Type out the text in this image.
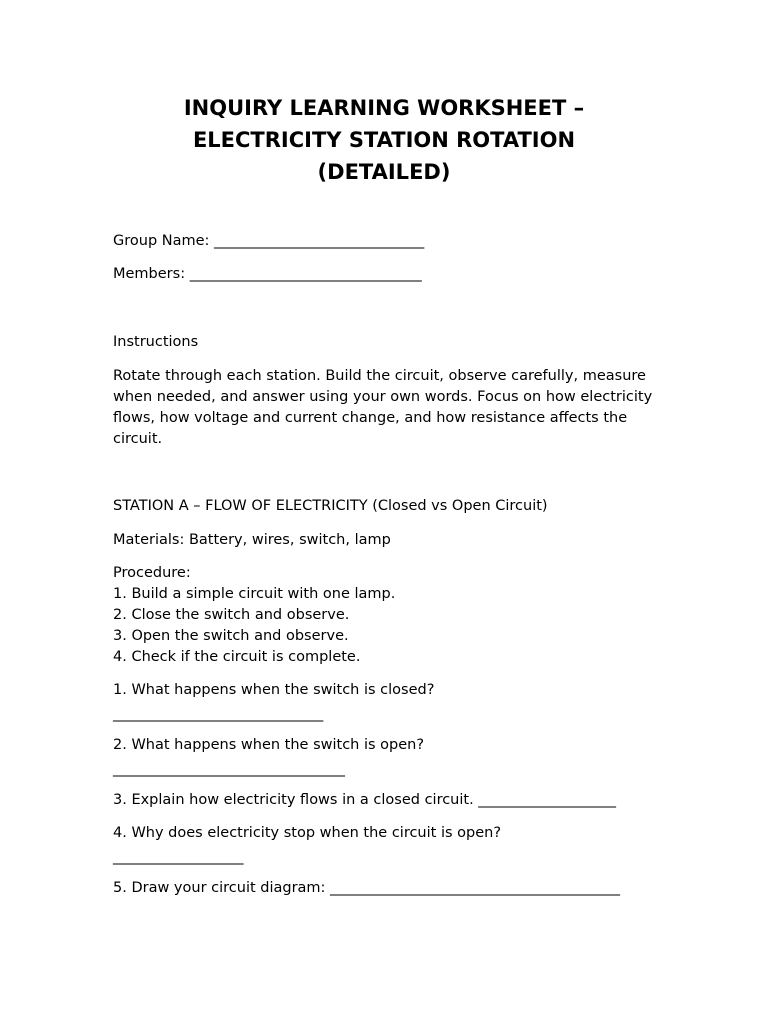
INQUIRY LEARNING WORKSHEET –
ELECTRICITY STATION ROTATION
(DETAILED)
Group Name: _____________________________
Members: ________________________________
Instructions
Rotate through each station. Build the circuit, observe carefully, measure when needed, and answer using your own words. Focus on how electricity flows, how voltage and current change, and how resistance affects the circuit.
STATION A – FLOW OF ELECTRICITY (Closed vs Open Circuit)
Materials: Battery, wires, switch, lamp
Procedure:
1. Build a simple circuit with one lamp.
2. Close the switch and observe.
3. Open the switch and observe.
4. Check if the circuit is complete.
1. What happens when the switch is closed?
_____________________________
2. What happens when the switch is open?
________________________________
3. Explain how electricity flows in a closed circuit. ___________________
4. Why does electricity stop when the circuit is open?
__________________
5. Draw your circuit diagram: ________________________________________
